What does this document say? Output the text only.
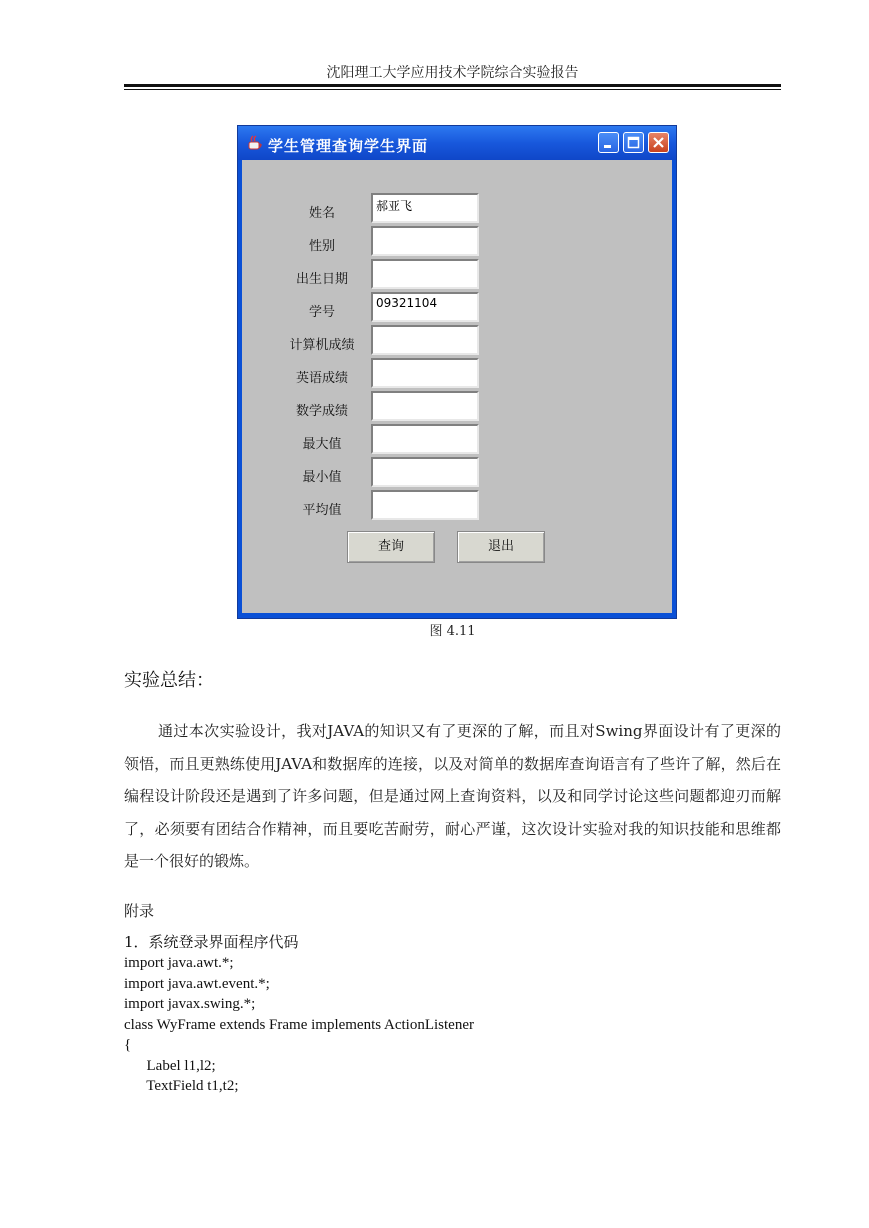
沈阳理工大学应用技术学院综合实验报告
学生管理查询学生界面
姓名	郝亚飞
性别
出生日期
学号
09321104
计算机成绩
英语成绩
数学成绩
最大值
最小值
平均值
查询	退出
图 4.11
实验总结：

通过本次实验设计，我对JAVA的知识又有了更深的了解，而且对Swing界面设计有了更深的领悟，而且更熟练使用JAVA和数据库的连接，以及对简单的数据库查询语言有了些许了解，然后在编程设计阶段还是遇到了许多问题，但是通过网上查询资料，以及和同学讨论这些问题都迎刃而解了，必须要有团结合作精神，而且要吃苦耐劳，耐心严谨，这次设计实验对我的知识技能和思维都是一个很好的锻炼。

附录
1．系统登录界面程序代码
import java.awt.*;
import java.awt.event.*;
import javax.swing.*;
class WyFrame extends Frame implements ActionListener
{
Label l1,l2;
TextField t1,t2;
